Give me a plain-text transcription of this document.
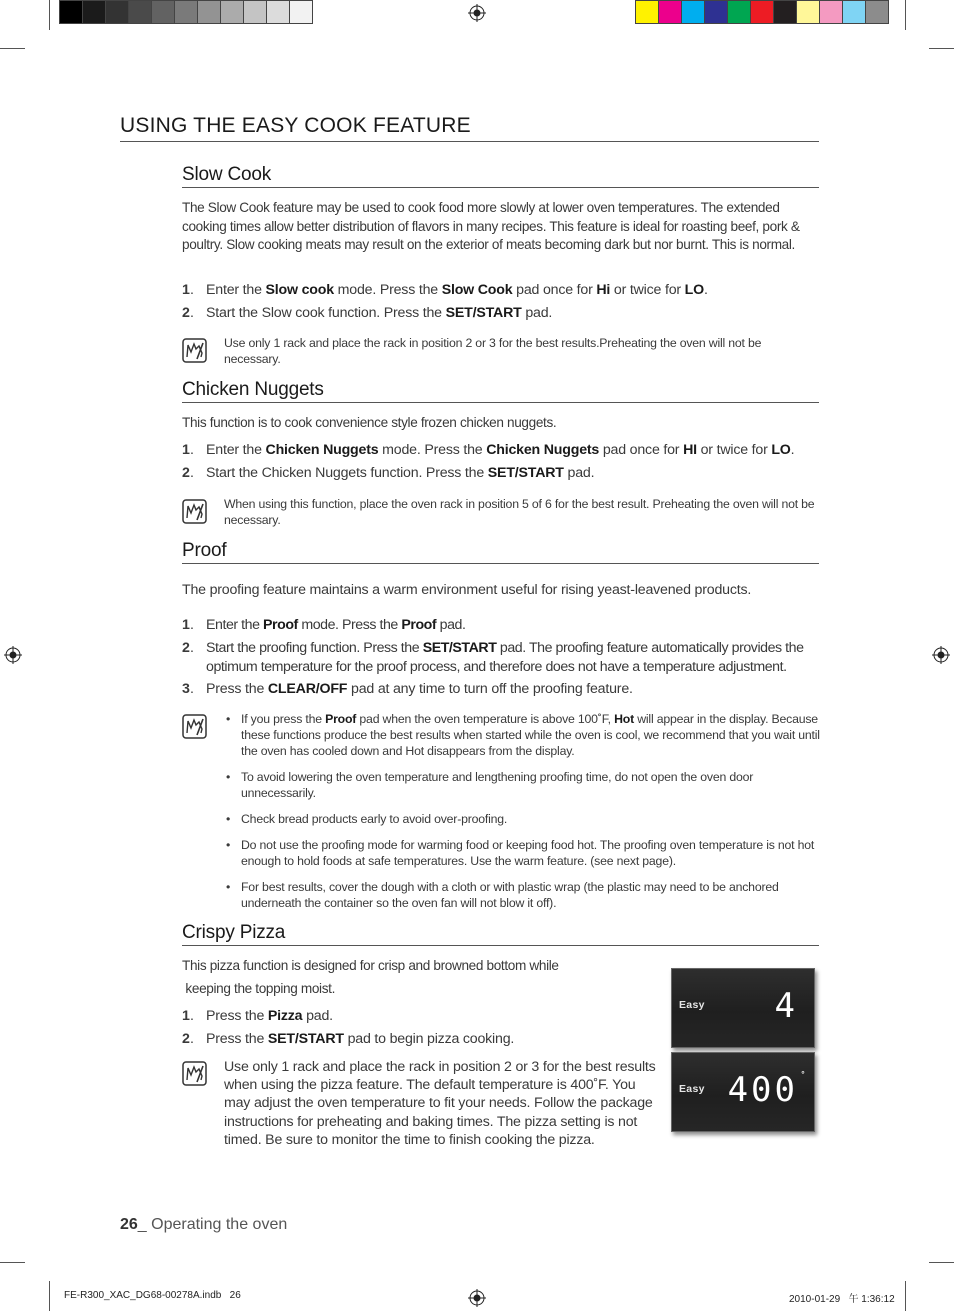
USING THE EASY COOK FEATURE
Slow Cook
The Slow Cook feature may be used to cook food more slowly at lower oven temperatures. The extended cooking times allow better distribution of flavors in many recipes. This feature is ideal for roasting beef, pork & poultry. Slow cooking meats may result on the exterior of meats becoming dark but nor burnt. This is normal.
1 . Enter the Slow cook mode. Press the Slow Cook pad once for Hi or twice for LO.
2 . Start the Slow cook function. Press the SET/START pad.
Use only 1 rack and place the rack in position 2 or 3 for the best results.Preheating the oven will not be necessary.
Chicken Nuggets
This function is to cook convenience style frozen chicken nuggets.
1 . Enter the Chicken Nuggets mode. Press the Chicken Nuggets pad once for HI or twice for LO.
2 . Start the Chicken Nuggets function. Press the SET/START pad.
When using this function, place the oven rack in position 5 of 6 for the best result. Preheating the oven will not be necessary.
Proof
The proofing feature maintains a warm environment useful for rising yeast-leavened products.
1 . Enter the Proof mode. Press the Proof pad.
2 . Start the proofing function. Press the SET/START pad. The proofing feature automatically provides the optimum temperature for the proof process, and therefore does not have a temperature adjustment.
3 . Press the CLEAR/OFF pad at any time to turn off the proofing feature.
• If you press the Proof pad when the oven temperature is above 100˚F, Hot will appear in the display. Because these functions produce the best results when started while the oven is cool, we recommend that you wait until the oven has cooled down and Hot disappears from the display.
• To avoid lowering the oven temperature and lengthening proofing time, do not open the oven door unnecessarily.
• Check bread products early to avoid over-proofing.
• Do not use the proofing mode for warming food or keeping food hot. The proofing oven temperature is not hot enough to hold foods at safe temperatures. Use the warm feature. (see next page).
• For best results, cover the dough with a cloth or with plastic wrap (the plastic may need to be anchored underneath the container so the oven fan will not blow it off).
Crispy Pizza
This pizza function is designed for crisp and browned bottom while
keeping the topping moist.
1 . Press the Pizza pad.
2 . Press the SET/START pad to begin pizza cooking.
Use only 1 rack and place the rack in position 2 or 3 for the best results when using the pizza feature. The default temperature is 400˚F. You may adjust the oven temperature to fit your needs. Follow the package instructions for preheating and baking times. The pizza setting is not timed. Be sure to monitor the time to finish cooking the pizza.
Easy 4
Easy 400 ˚
26_ Operating the oven
FE-R300_XAC_DG68-00278A.indb   26	2010-01-29   午 1:36:12
